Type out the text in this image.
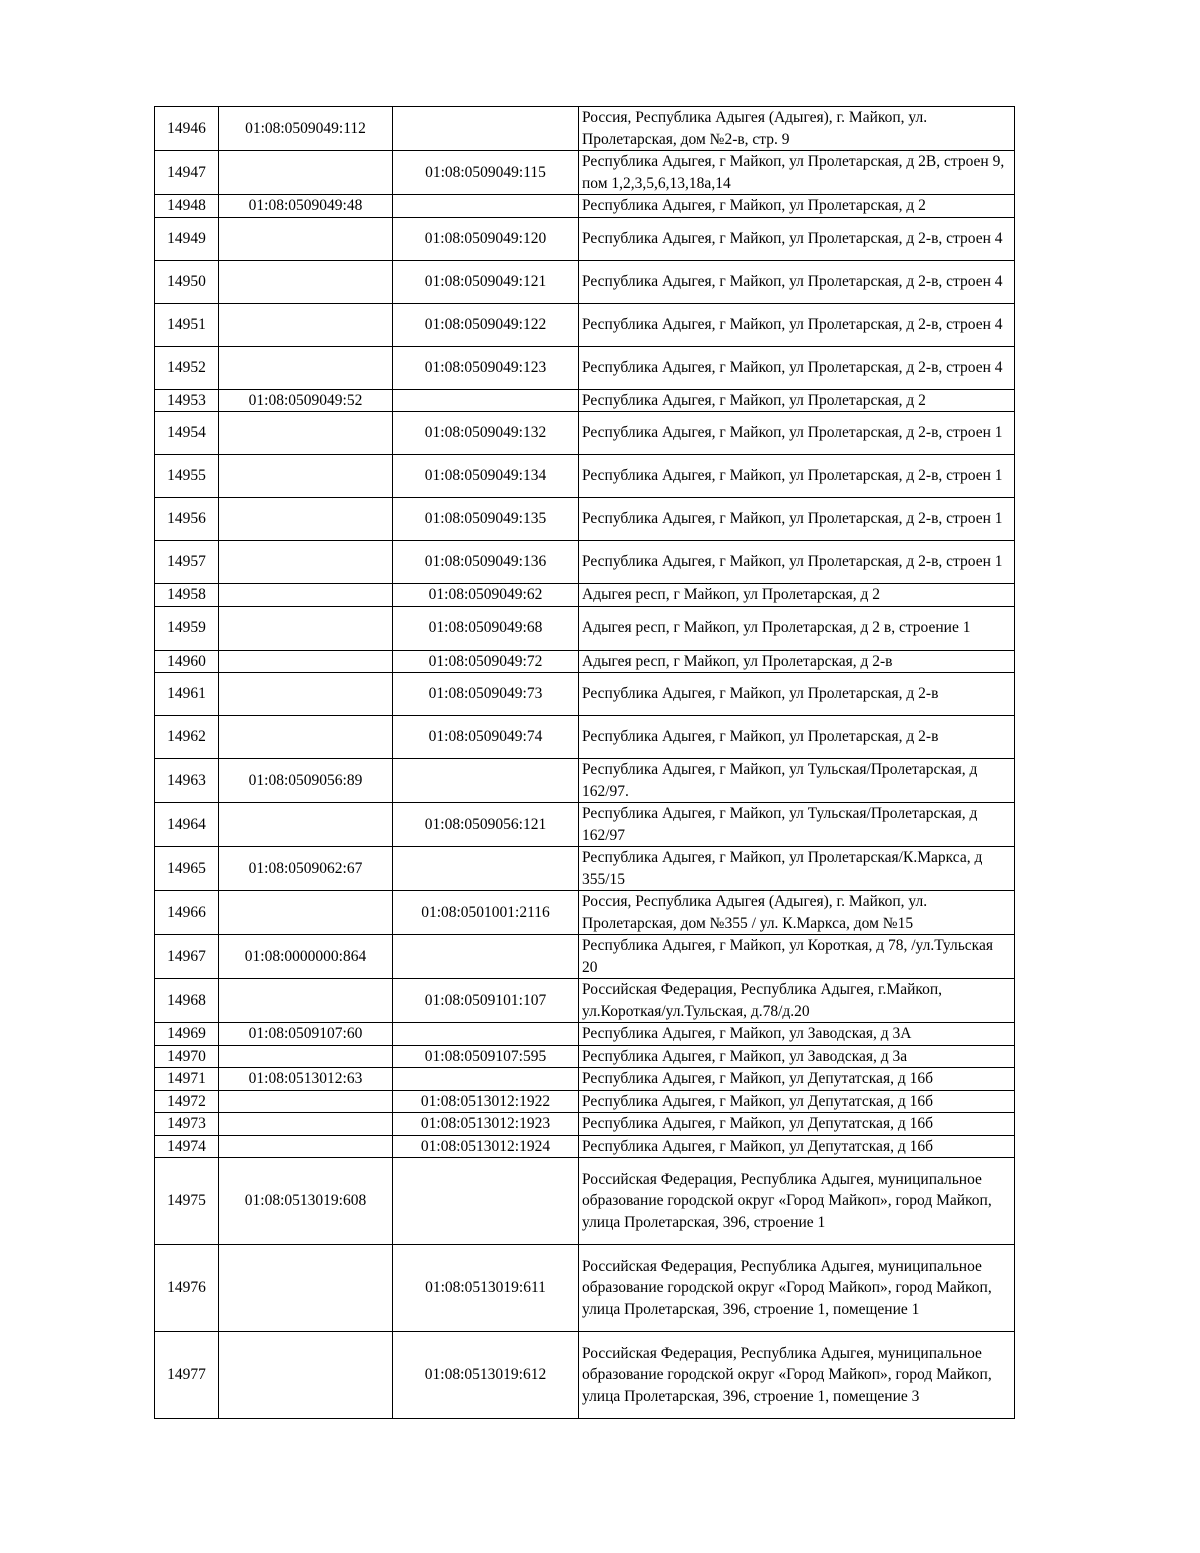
14946	01:08:0509049:112		Россия, Республика Адыгея (Адыгея), г. Майкоп, ул. Пролетарская, дом №2-в, стр. 9
14947		01:08:0509049:115	Республика Адыгея, г Майкоп, ул Пролетарская, д 2В, строен 9, пом 1,2,3,5,6,13,18а,14
14948	01:08:0509049:48		Республика Адыгея, г Майкоп, ул Пролетарская, д 2
14949		01:08:0509049:120	Республика Адыгея, г Майкоп, ул Пролетарская, д 2-в, строен 4
14950		01:08:0509049:121	Республика Адыгея, г Майкоп, ул Пролетарская, д 2-в, строен 4
14951		01:08:0509049:122	Республика Адыгея, г Майкоп, ул Пролетарская, д 2-в, строен 4
14952		01:08:0509049:123	Республика Адыгея, г Майкоп, ул Пролетарская, д 2-в, строен 4
14953	01:08:0509049:52		Республика Адыгея, г Майкоп, ул Пролетарская, д 2
14954		01:08:0509049:132	Республика Адыгея, г Майкоп, ул Пролетарская, д 2-в, строен 1
14955		01:08:0509049:134	Республика Адыгея, г Майкоп, ул Пролетарская, д 2-в, строен 1
14956		01:08:0509049:135	Республика Адыгея, г Майкоп, ул Пролетарская, д 2-в, строен 1
14957		01:08:0509049:136	Республика Адыгея, г Майкоп, ул Пролетарская, д 2-в, строен 1
14958		01:08:0509049:62	Адыгея респ, г Майкоп, ул Пролетарская, д 2
14959		01:08:0509049:68	Адыгея респ, г Майкоп, ул Пролетарская, д 2 в, строение 1
14960		01:08:0509049:72	Адыгея респ, г Майкоп, ул Пролетарская, д 2-в
14961		01:08:0509049:73	Республика Адыгея, г Майкоп, ул Пролетарская, д 2-в
14962		01:08:0509049:74	Республика Адыгея, г Майкоп, ул Пролетарская, д 2-в
14963	01:08:0509056:89		Республика Адыгея, г Майкоп, ул Тульская/Пролетарская, д 162/97.
14964		01:08:0509056:121	Республика Адыгея, г Майкоп, ул Тульская/Пролетарская, д 162/97
14965	01:08:0509062:67		Республика Адыгея, г Майкоп, ул Пролетарская/К.Маркса, д 355/15
14966		01:08:0501001:2116	Россия, Республика Адыгея (Адыгея), г. Майкоп, ул. Пролетарская, дом №355 / ул. К.Маркса, дом №15
14967	01:08:0000000:864		Республика Адыгея, г Майкоп, ул Короткая, д 78, /ул.Тульская 20
14968		01:08:0509101:107	Российская Федерация, Республика Адыгея, г.Майкоп, ул.Короткая/ул.Тульская, д.78/д.20
14969	01:08:0509107:60		Республика Адыгея, г Майкоп, ул Заводская, д 3А
14970		01:08:0509107:595	Республика Адыгея, г Майкоп, ул Заводская, д 3а
14971	01:08:0513012:63		Республика Адыгея, г Майкоп, ул Депутатская, д 16б
14972		01:08:0513012:1922	Республика Адыгея, г Майкоп, ул Депутатская, д 16б
14973		01:08:0513012:1923	Республика Адыгея, г Майкоп, ул Депутатская, д 16б
14974		01:08:0513012:1924	Республика Адыгея, г Майкоп, ул Депутатская, д 16б
14975	01:08:0513019:608		Российская Федерация, Республика Адыгея, муниципальное образование городской округ «Город Майкоп», город Майкоп, улица Пролетарская, 396, строение 1
14976		01:08:0513019:611	Российская Федерация, Республика Адыгея, муниципальное образование городской округ «Город Майкоп», город Майкоп, улица Пролетарская, 396, строение 1, помещение 1
14977		01:08:0513019:612	Российская Федерация, Республика Адыгея, муниципальное образование городской округ «Город Майкоп», город Майкоп, улица Пролетарская, 396, строение 1, помещение 3
